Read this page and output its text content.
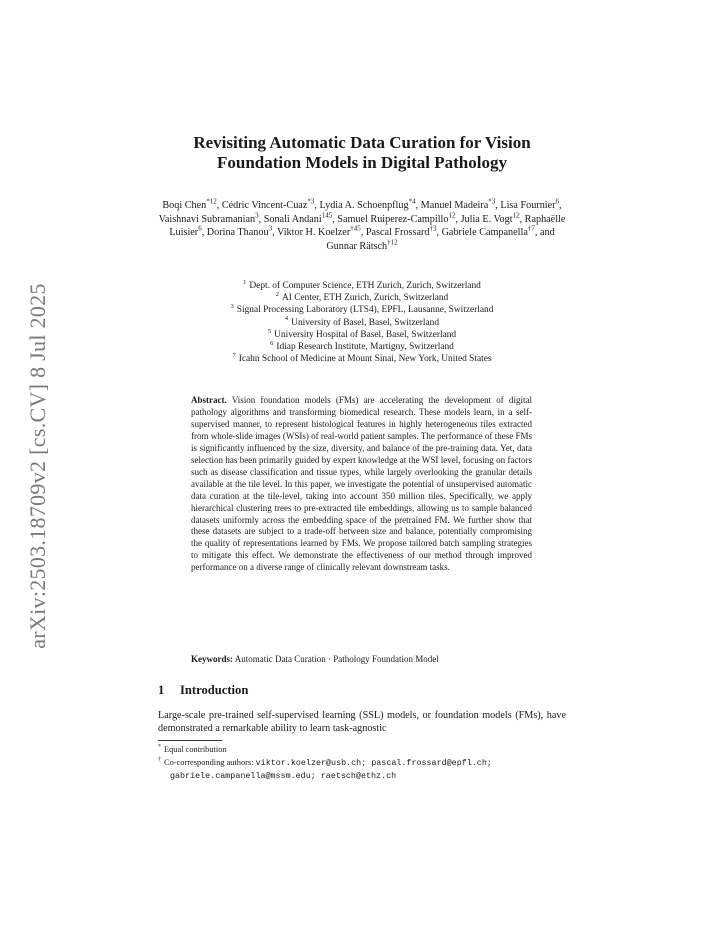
arXiv:2503.18709v2 [cs.CV] 8 Jul 2025
Revisiting Automatic Data Curation for Vision
Foundation Models in Digital Pathology
Boqi Chen$^{*12}$, Cédric Vincent-Cuaz$^{*3}$, Lydia A. Schoenpflug$^{*4}$, Manuel Madeira$^{*3}$, Lisa Fournier$^6$, Vaishnavi Subramanian$^3$, Sonali Andani$^{145}$, Samuel Ruiperez-Campillo$^{12}$, Julia E. Vogt$^{12}$, Raphaëlle Luisier$^6$, Dorina Thanou$^3$, Viktor H. Koelzer$^{\dagger 45}$, Pascal Frossard$^{\dagger 3}$, Gabriele Campanella$^{\dagger 7}$, and Gunnar Rätsch$^{\dagger 12}$
$^1$ Dept. of Computer Science, ETH Zurich, Zurich, Switzerland
$^2$ AI Center, ETH Zurich, Zurich, Switzerland
$^3$ Signal Processing Laboratory (LTS4), EPFL, Lausanne, Switzerland
$^4$ University of Basel, Basel, Switzerland
$^5$ University Hospital of Basel, Basel, Switzerland
$^6$ Idiap Research Institute, Martigny, Switzerland
$^7$ Icahn School of Medicine at Mount Sinai, New York, United States
Abstract. Vision foundation models (FMs) are accelerating the development of digital pathology algorithms and transforming biomedical research. These models learn, in a self-supervised manner, to represent histological features in highly heterogeneous tiles extracted from whole-slide images (WSIs) of real-world patient samples. The performance of these FMs is significantly influenced by the size, diversity, and balance of the pre-training data. Yet, data selection has been primarily guided by expert knowledge at the WSI level, focusing on factors such as disease classification and tissue types, while largely overlooking the granular details available at the tile level. In this paper, we investigate the potential of unsupervised automatic data curation at the tile-level, taking into account 350 million tiles. Specifically, we apply hierarchical clustering trees to pre-extracted tile embeddings, allowing us to sample balanced datasets uniformly across the embedding space of the pretrained FM. We further show that these datasets are subject to a trade-off between size and balance, potentially compromising the quality of representations learned by FMs. We propose tailored batch sampling strategies to mitigate this effect. We demonstrate the effectiveness of our method through improved performance on a diverse range of clinically relevant downstream tasks.
Keywords: Automatic Data Curation · Pathology Foundation Model
1 Introduction
Large-scale pre-trained self-supervised learning (SSL) models, or foundation models (FMs), have demonstrated a remarkable ability to learn task-agnostic
* Equal contribution
† Co-corresponding authors: viktor.koelzer@usb.ch; pascal.frossard@epfl.ch;
gabriele.campanella@mssm.edu; raetsch@ethz.ch
